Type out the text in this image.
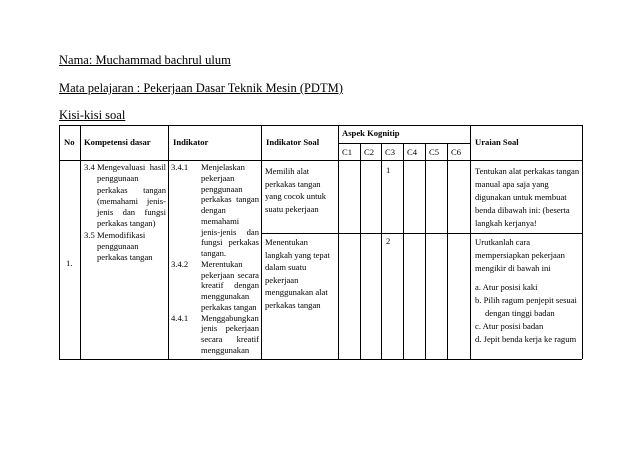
Nama: Muchammad bachrul ulum
Mata pelajaran : Pekerjaan Dasar Teknik Mesin (PDTM)
Kisi-kisi soal
No Kompetensi dasar	Indikator	Indikator Soal
Aspek Kognitip
Uraian Soal
C1 C2 C3 C4 C5 C6
1.
3.4 Mengevaluasi hasil
penggunaan
perkakas tangan
(memahami jenis-
jenis dan fungsi
perkakas tangan)
3.5 Memodifikasi
penggunaan
perkakas tangan
3.4.1 Menjelaskan
pekerjaan
penggunaan
perkakas tangan
dengan
memahami
jenis-jenis dan
fungsi perkakas
tangan.
3.4.2 Merentukan
pekerjaan secara
kreatif dengan
menggunakan
perkakas tangan
4.4.1 Menggabungkan
jenis pekerjaan
secara kreatif
menggunakan
Memilih alat
perkakas tangan
yang cocok untuk
suatu pekerjaan
Menentukan
langkah yang tepat
dalam suatu
pekerjaan
menggunakan alat
perkakas tangan
1
2
Tentukan alat perkakas tangan
manual apa saja yang
digunakan untuk membuat
benda dibawah ini: (beserta
langkah kerjanya!
Urutkanlah cara
mempersiapkan pekerjaan
mengikir di bawah ini
a. Atur posisi kaki
b. Pilih ragum penjepit sesuai
dengan tinggi badan
c. Atur posisi badan
d. Jepit benda kerja ke ragum
